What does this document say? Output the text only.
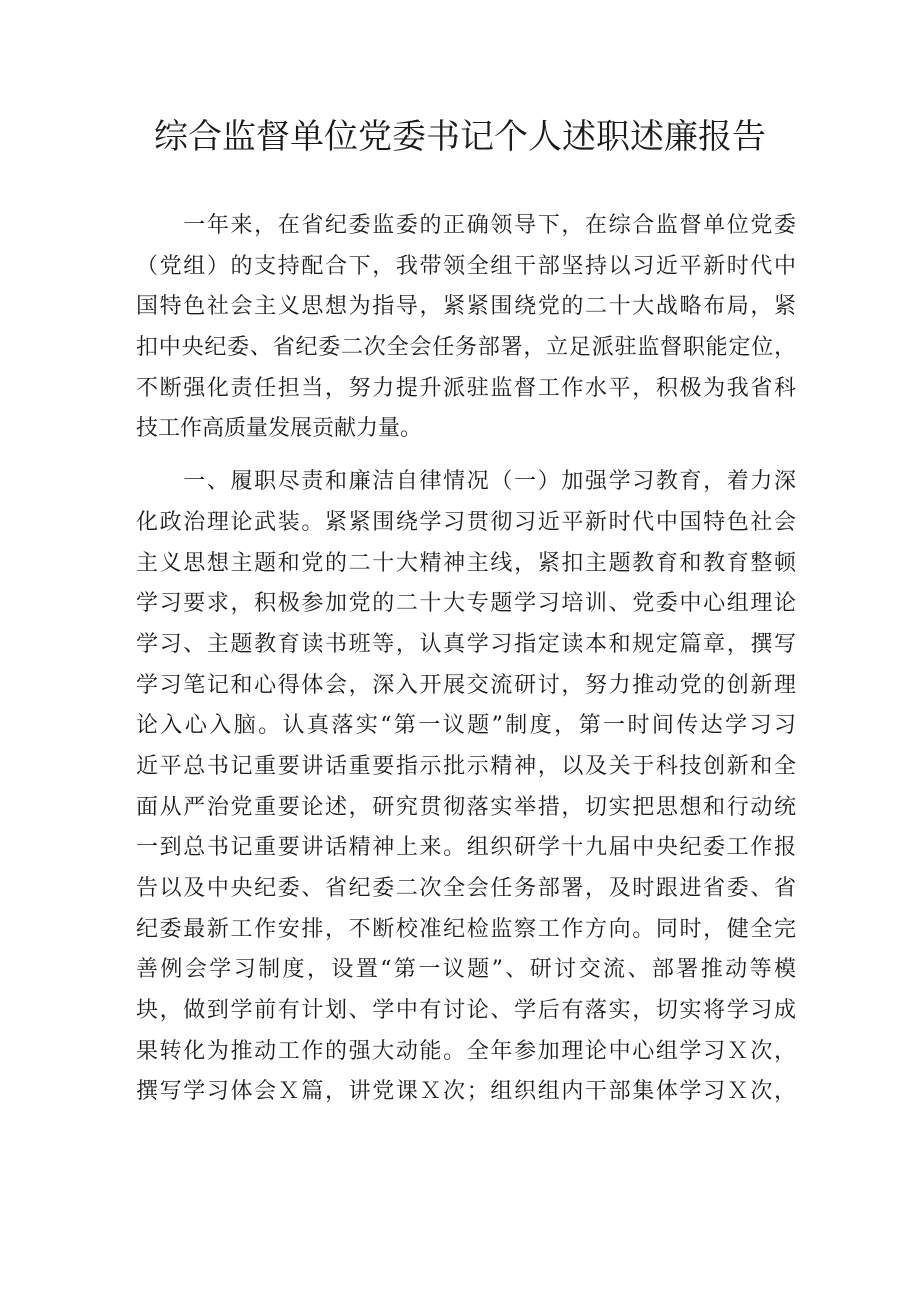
综合监督单位党委书记个人述职述廉报告
　　一年来，在省纪委监委的正确领导下，在综合监督单位党委
（党组）的支持配合下，我带领全组干部坚持以习近平新时代中
国特色社会主义思想为指导，紧紧围绕党的二十大战略布局，紧
扣中央纪委、省纪委二次全会任务部署，立足派驻监督职能定位，
不断强化责任担当，努力提升派驻监督工作水平，积极为我省科
技工作高质量发展贡献力量。
　　一、履职尽责和廉洁自律情况（一）加强学习教育，着力深
化政治理论武装。紧紧围绕学习贯彻习近平新时代中国特色社会
主义思想主题和党的二十大精神主线，紧扣主题教育和教育整顿
学习要求，积极参加党的二十大专题学习培训、党委中心组理论
学习、主题教育读书班等，认真学习指定读本和规定篇章，撰写
学习笔记和心得体会，深入开展交流研讨，努力推动党的创新理
论入心入脑。认真落实“第一议题”制度，第一时间传达学习习
近平总书记重要讲话重要指示批示精神，以及关于科技创新和全
面从严治党重要论述，研究贯彻落实举措，切实把思想和行动统
一到总书记重要讲话精神上来。组织研学十九届中央纪委工作报
告以及中央纪委、省纪委二次全会任务部署，及时跟进省委、省
纪委最新工作安排，不断校准纪检监察工作方向。同时，健全完
善例会学习制度，设置“第一议题”、研讨交流、部署推动等模
块，做到学前有计划、学中有讨论、学后有落实，切实将学习成
果转化为推动工作的强大动能。全年参加理论中心组学习Ｘ次，
撰写学习体会Ｘ篇，讲党课Ｘ次；组织组内干部集体学习Ｘ次，
